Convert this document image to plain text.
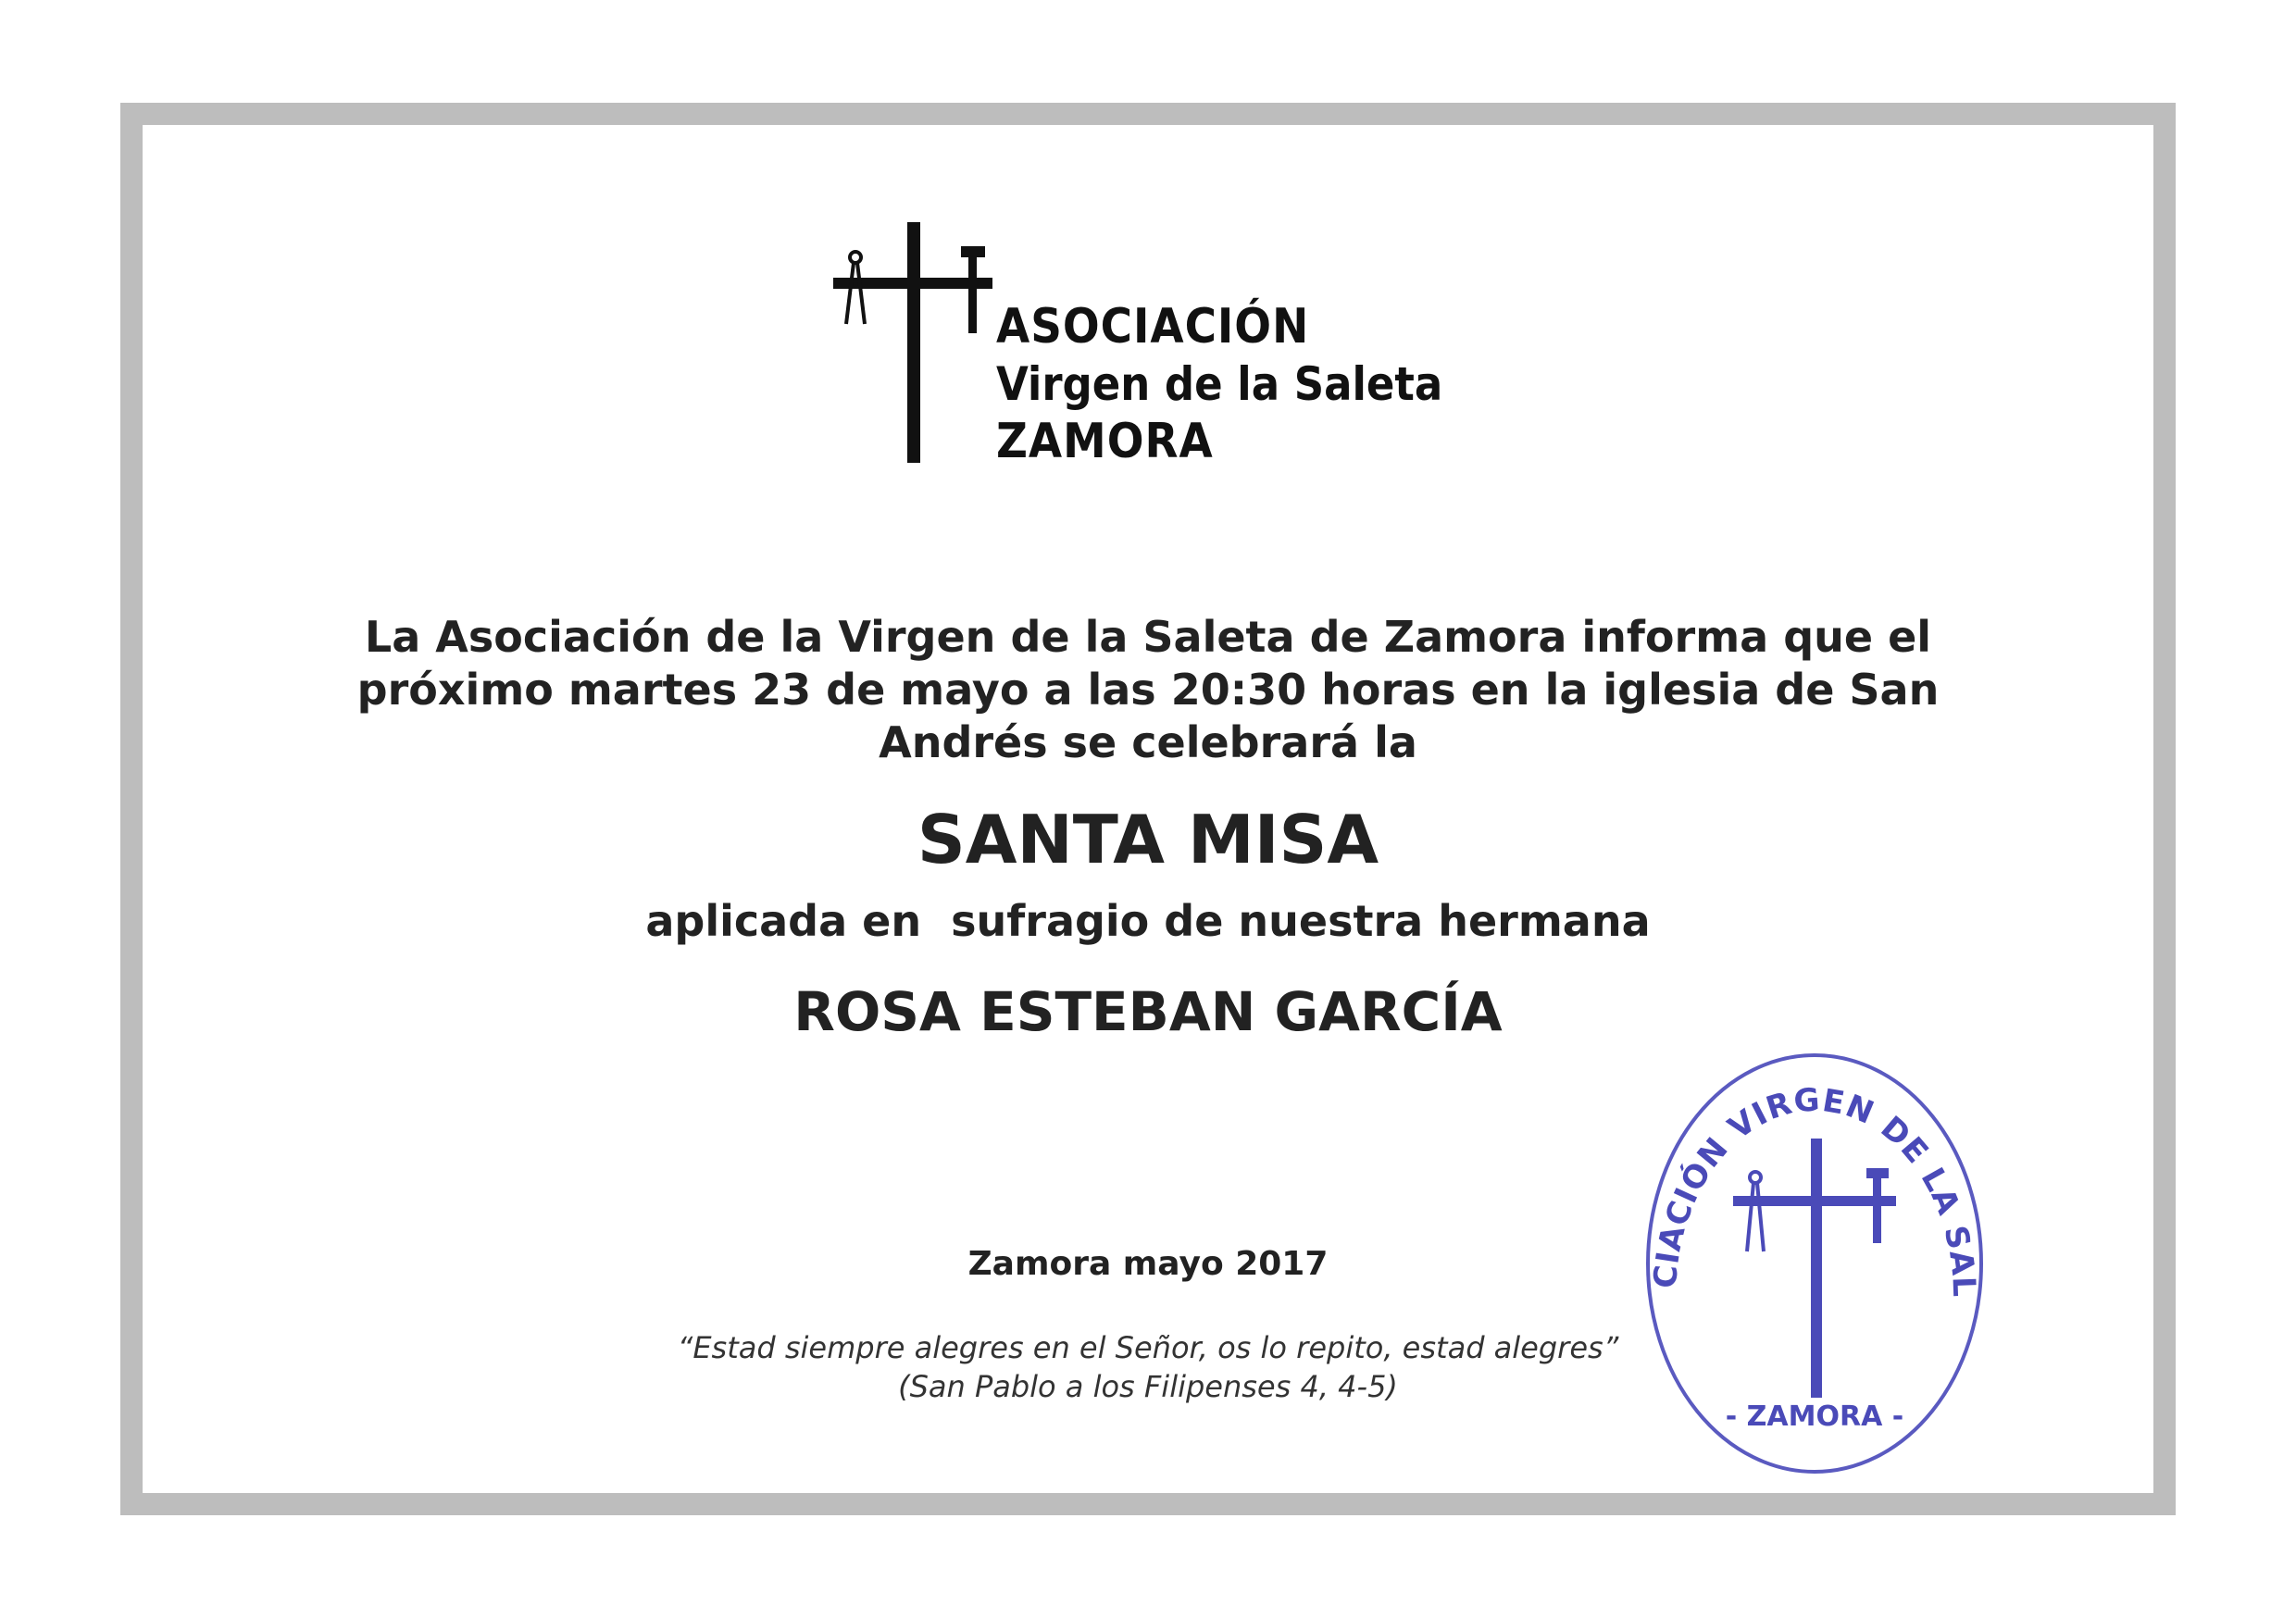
ASOCIACIÓN
Virgen de la Saleta
ZAMORA
La Asociación de la Virgen de la Saleta de Zamora informa que el
próximo martes 23 de mayo a las 20:30 horas en la iglesia de San
Andrés se celebrará la
SANTA MISA
aplicada en  sufragio de nuestra hermana
ROSA ESTEBAN GARCÍA
Zamora mayo 2017
“Estad siempre alegres en el Señor, os lo repito, estad alegres”
(San Pablo a los Filipenses 4, 4-5)
CIACIÓN VIRGEN DE LA SAL
- ZAMORA -
